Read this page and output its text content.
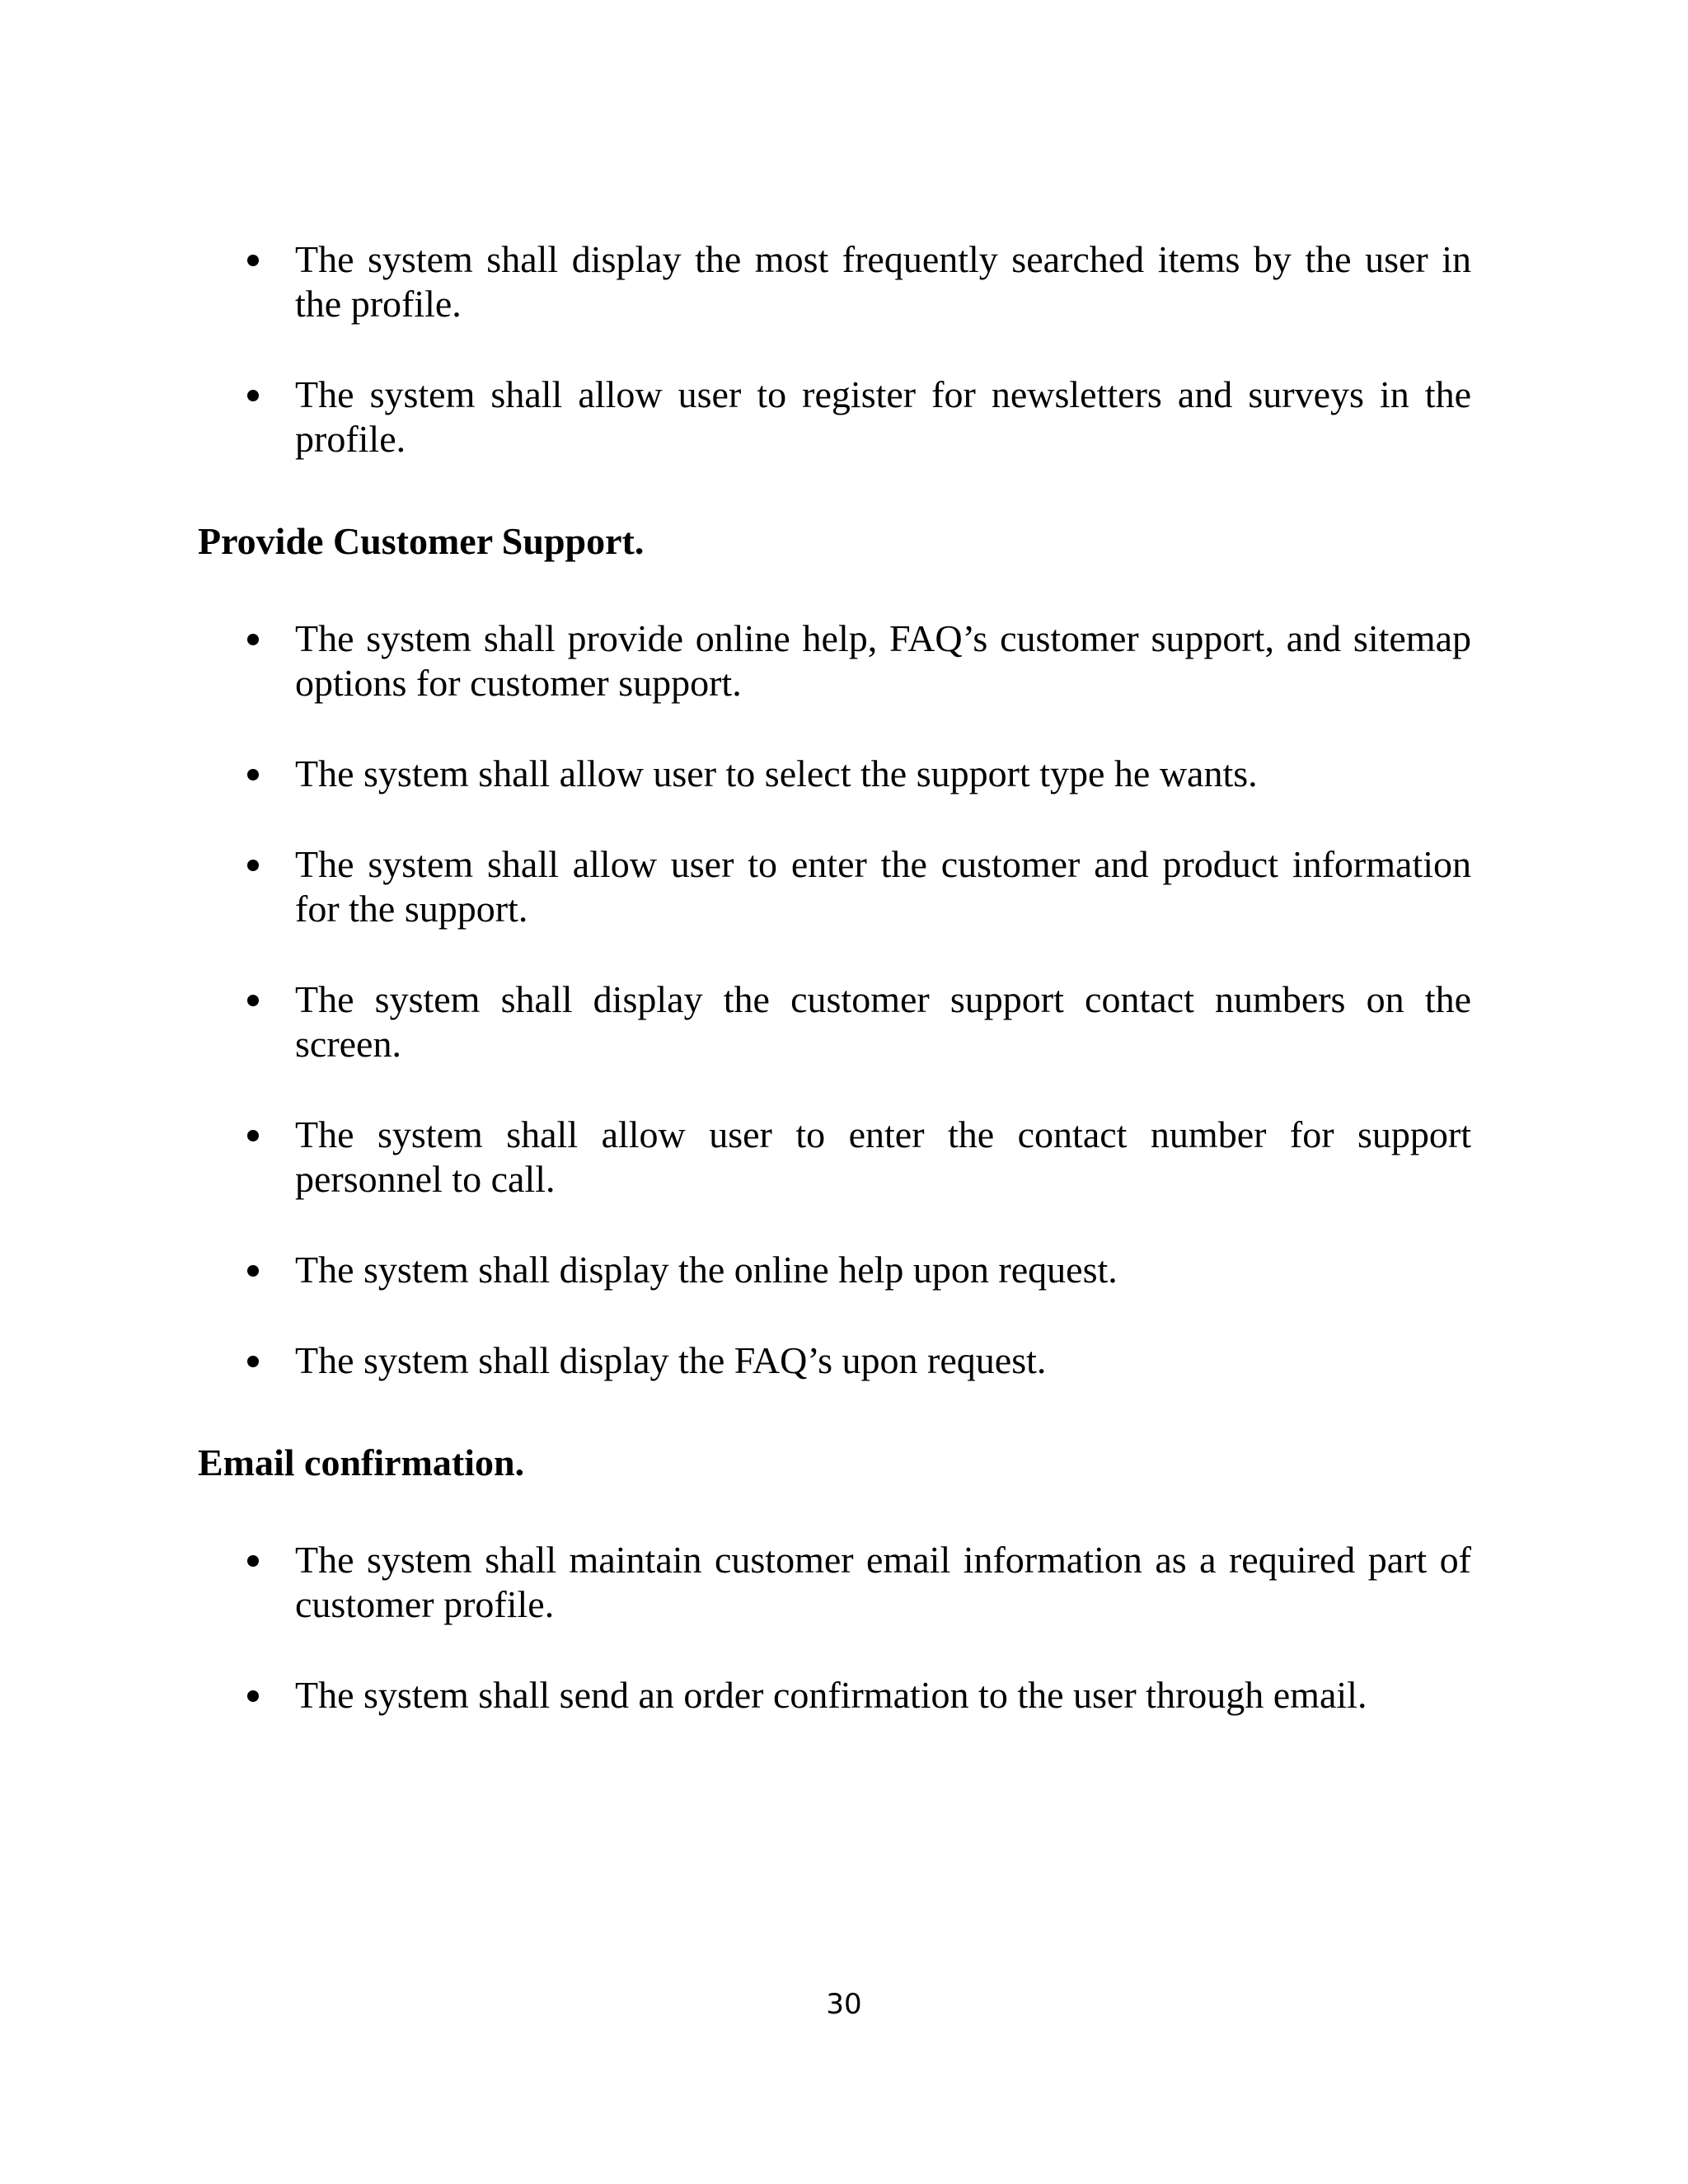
The system shall display the most frequently searched items by the user in the profile.
The system shall allow user to register for newsletters and surveys in the profile.
Provide Customer Support.
The system shall provide online help, FAQ’s customer support, and sitemap options for customer support.
The system shall allow user to select the support type he wants.
The system shall allow user to enter the customer and product information for the support.
The system shall display the customer support contact numbers on the screen.
The system shall allow user to enter the contact number for support personnel to call.
The system shall display the online help upon request.
The system shall display the FAQ’s upon request.
Email confirmation.
The system shall maintain customer email information as a required part of customer profile.
The system shall send an order confirmation to the user through email.
30
